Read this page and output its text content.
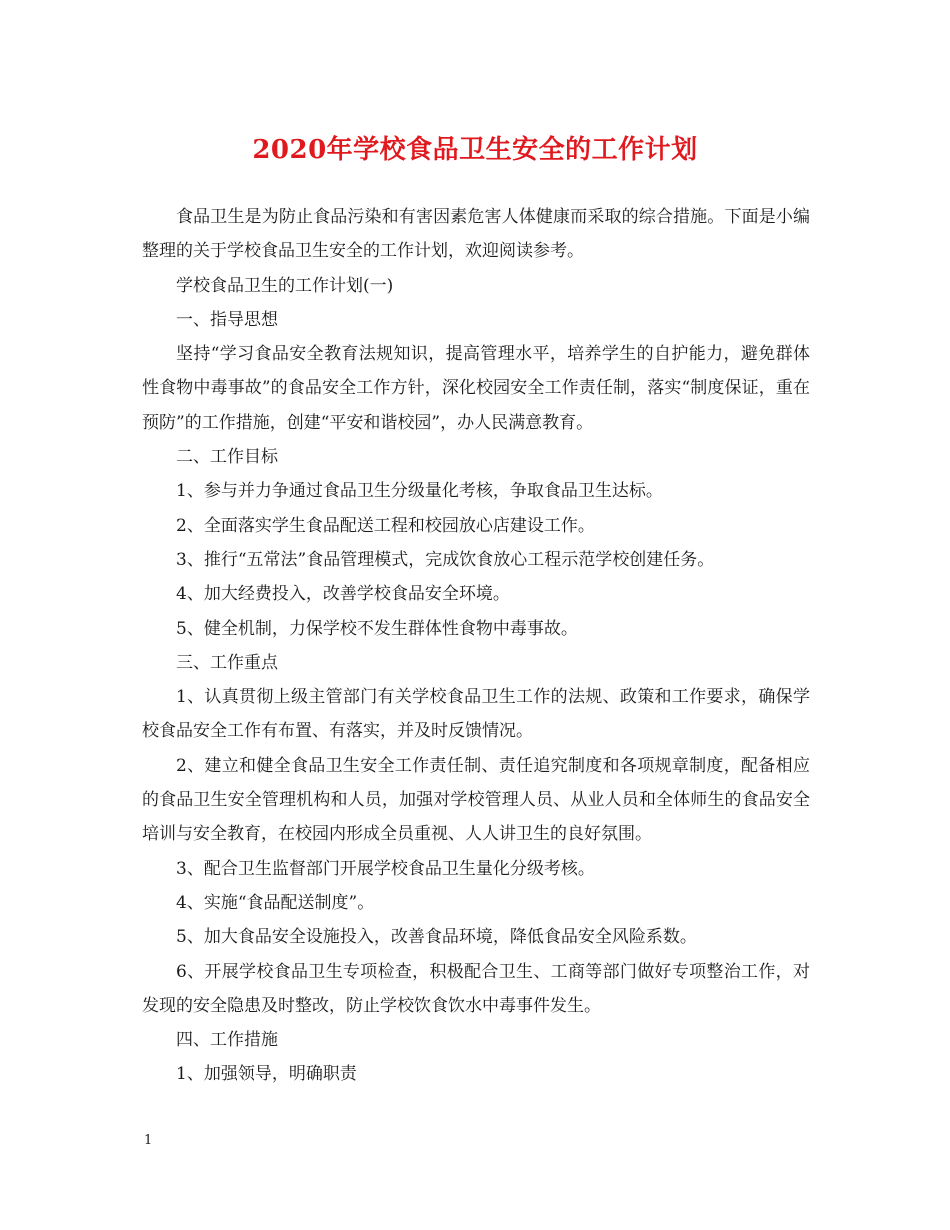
2020年学校食品卫生安全的工作计划

食品卫生是为防止食品污染和有害因素危害人体健康而采取的综合措施。下面是小编整理的关于学校食品卫生安全的工作计划，欢迎阅读参考。

学校食品卫生的工作计划(一)

一、指导思想

坚持“学习食品安全教育法规知识，提高管理水平，培养学生的自护能力，避免群体性食物中毒事故”的食品安全工作方针，深化校园安全工作责任制，落实“制度保证，重在预防”的工作措施，创建“平安和谐校园”，办人民满意教育。

二、工作目标

1、参与并力争通过食品卫生分级量化考核，争取食品卫生达标。

2、全面落实学生食品配送工程和校园放心店建设工作。

3、推行“五常法”食品管理模式，完成饮食放心工程示范学校创建任务。

4、加大经费投入，改善学校食品安全环境。

5、健全机制，力保学校不发生群体性食物中毒事故。

三、工作重点

1、认真贯彻上级主管部门有关学校食品卫生工作的法规、政策和工作要求，确保学校食品安全工作有布置、有落实，并及时反馈情况。

2、建立和健全食品卫生安全工作责任制、责任追究制度和各项规章制度，配备相应的食品卫生安全管理机构和人员，加强对学校管理人员、从业人员和全体师生的食品安全培训与安全教育，在校园内形成全员重视、人人讲卫生的良好氛围。

3、配合卫生监督部门开展学校食品卫生量化分级考核。

4、实施“食品配送制度”。

5、加大食品安全设施投入，改善食品环境，降低食品安全风险系数。

6、开展学校食品卫生专项检查，积极配合卫生、工商等部门做好专项整治工作，对发现的安全隐患及时整改，防止学校饮食饮水中毒事件发生。

四、工作措施

1、加强领导，明确职责

1
